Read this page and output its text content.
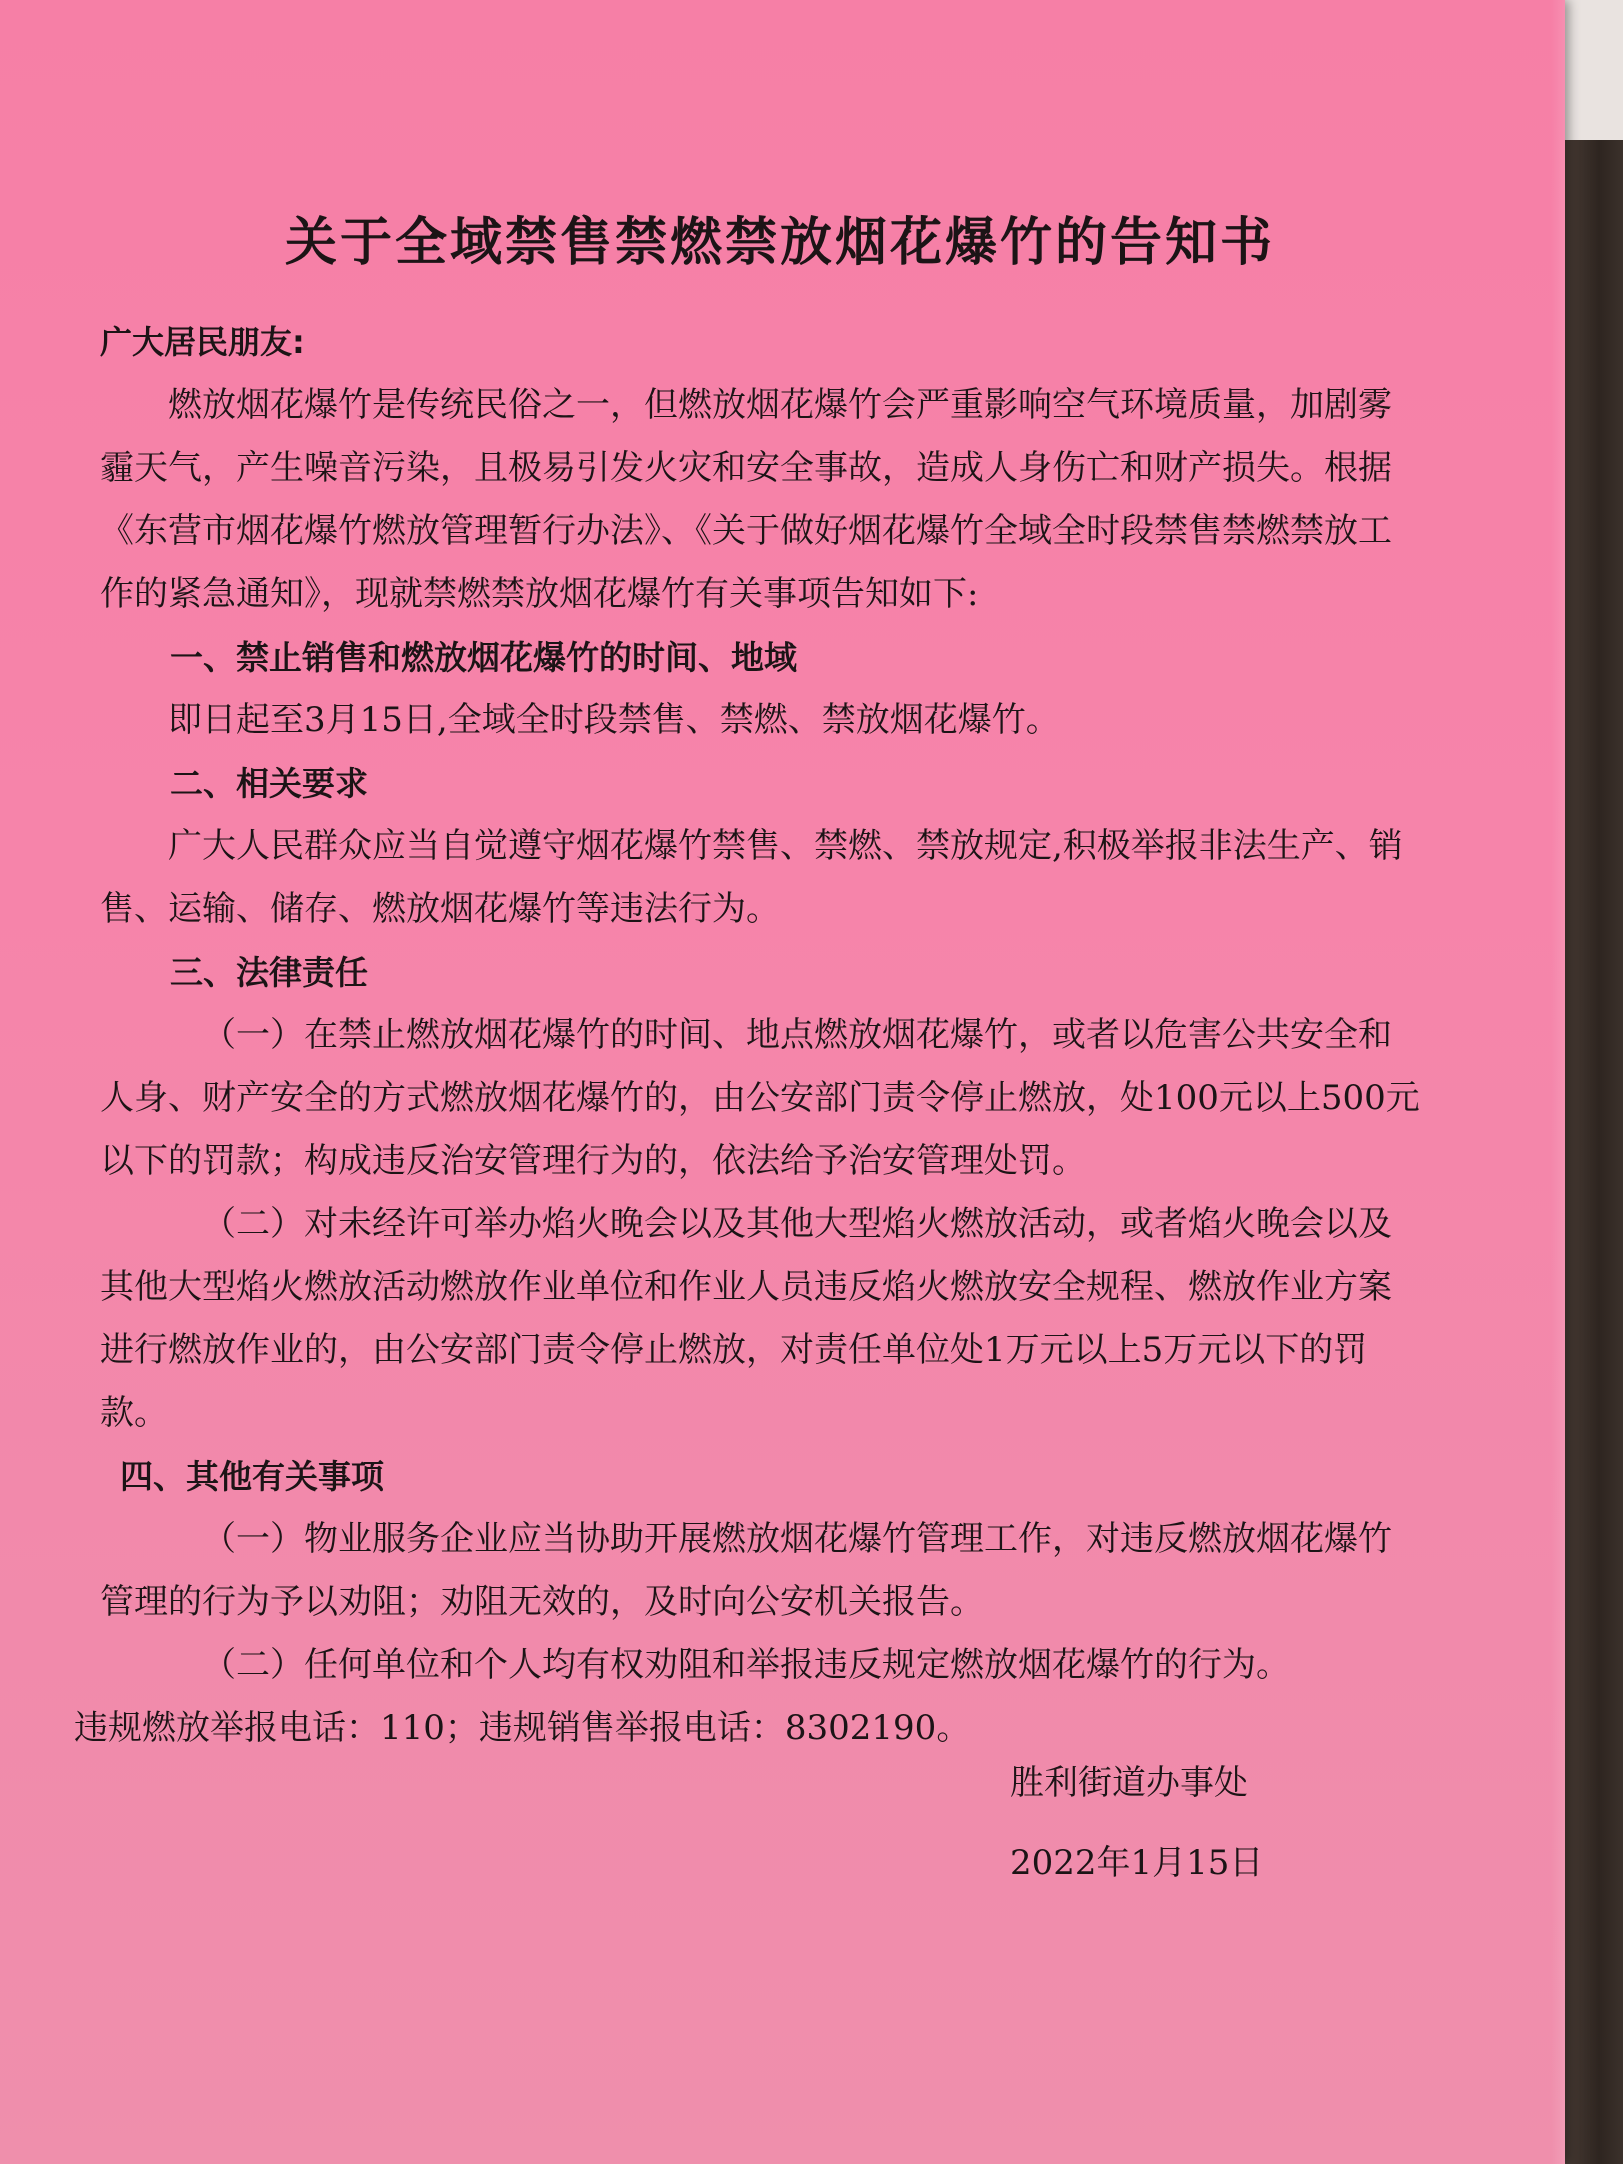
关于全域禁售禁燃禁放烟花爆竹的告知书

广大居民朋友:

燃放烟花爆竹是传统民俗之一，但燃放烟花爆竹会严重影响空气环境质量，加剧雾霾天气，产生噪音污染，且极易引发火灾和安全事故，造成人身伤亡和财产损失。根据《东营市烟花爆竹燃放管理暂行办法》、《关于做好烟花爆竹全域全时段禁售禁燃禁放工作的紧急通知》，现就禁燃禁放烟花爆竹有关事项告知如下:

一、禁止销售和燃放烟花爆竹的时间、地域

即日起至3月15日,全域全时段禁售、禁燃、禁放烟花爆竹。

二、相关要求

广大人民群众应当自觉遵守烟花爆竹禁售、禁燃、禁放规定,积极举报非法生产、销售、运输、储存、燃放烟花爆竹等违法行为。

三、法律责任

（一）在禁止燃放烟花爆竹的时间、地点燃放烟花爆竹，或者以危害公共安全和人身、财产安全的方式燃放烟花爆竹的，由公安部门责令停止燃放，处100元以上500元以下的罚款；构成违反治安管理行为的，依法给予治安管理处罚。

（二）对未经许可举办焰火晚会以及其他大型焰火燃放活动，或者焰火晚会以及其他大型焰火燃放活动燃放作业单位和作业人员违反焰火燃放安全规程、燃放作业方案进行燃放作业的，由公安部门责令停止燃放，对责任单位处1万元以上5万元以下的罚款。

四、其他有关事项

（一）物业服务企业应当协助开展燃放烟花爆竹管理工作，对违反燃放烟花爆竹管理的行为予以劝阻；劝阻无效的，及时向公安机关报告。

（二）任何单位和个人均有权劝阻和举报违反规定燃放烟花爆竹的行为。

违规燃放举报电话：110；违规销售举报电话：8302190。

胜利街道办事处
2022年1月15日
